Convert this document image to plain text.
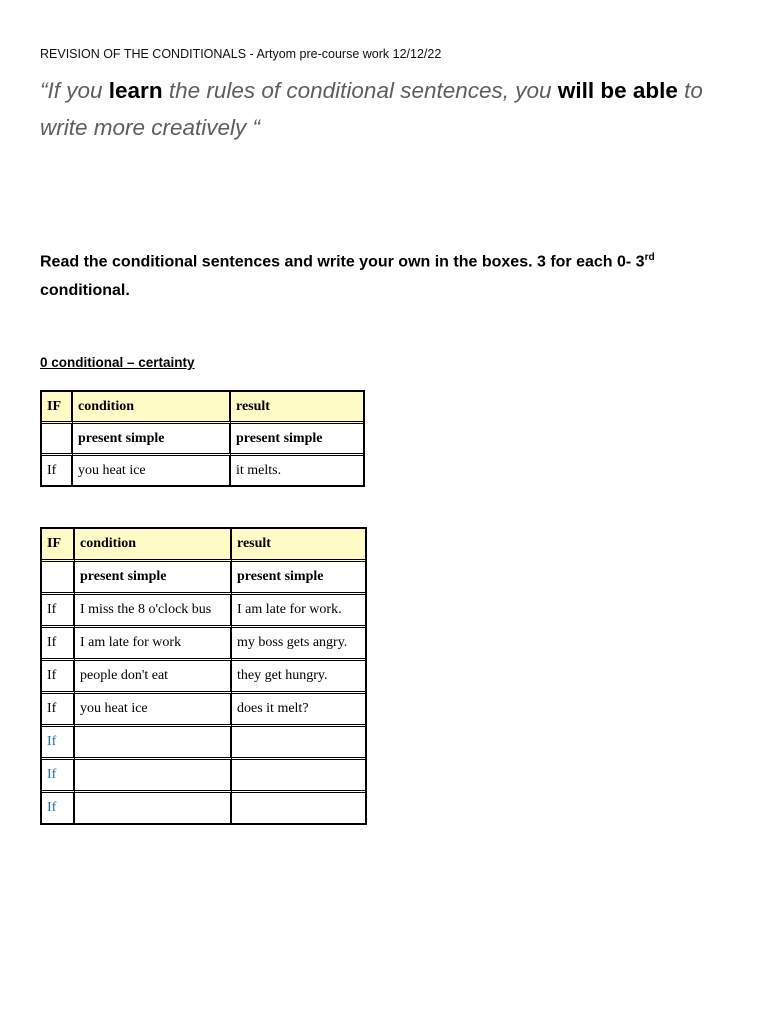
REVISION OF THE CONDITIONALS - Artyom pre-course work 12/12/22
“If you learn the rules of conditional sentences, you will be able to write more creatively “
Read the conditional sentences and write your own in the boxes. 3 for each 0- 3rd
conditional.
0 conditional – certainty
IF	condition	result
	present simple	present simple
If	you heat ice	it melts.
IF	condition	result
	present simple	present simple
If	I miss the 8 o'clock bus	I am late for work.
If	I am late for work	my boss gets angry.
If	people don't eat	they get hungry.
If	you heat ice	does it melt?
If		
If		
If		
